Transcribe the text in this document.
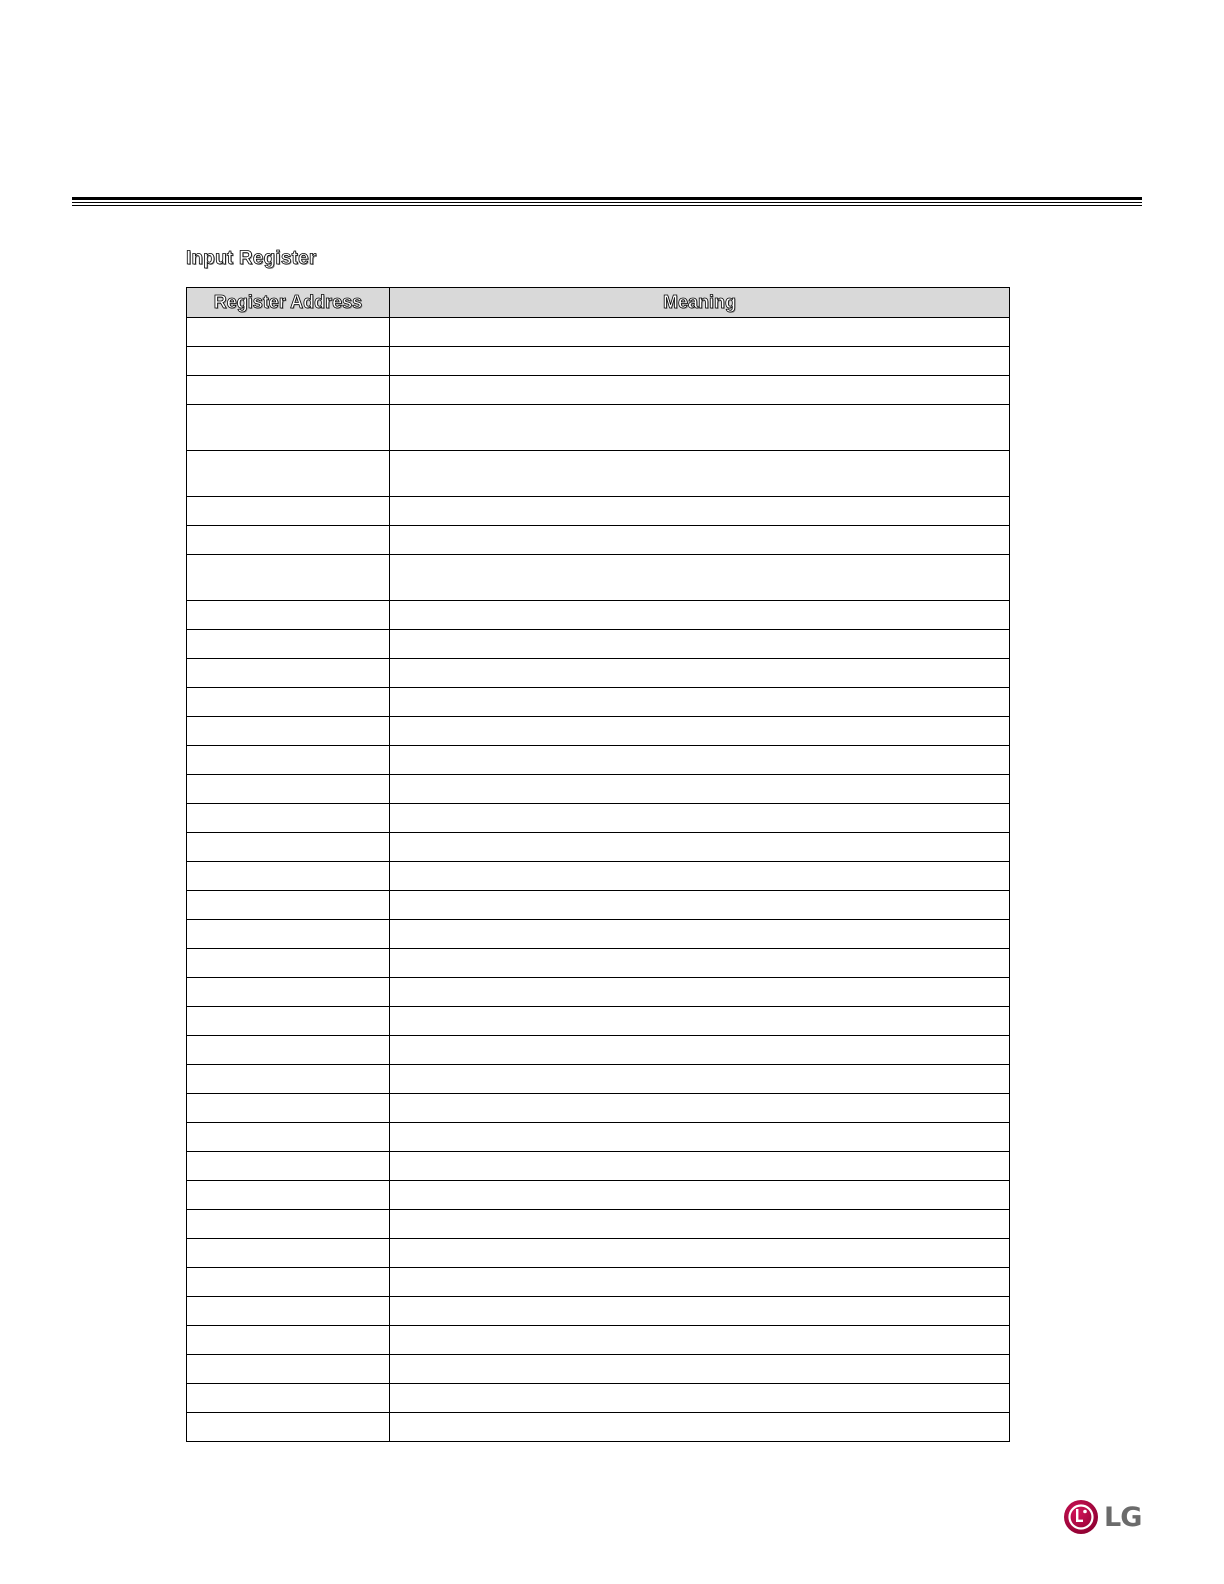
Input Register
Register Address	Meaning

LG
